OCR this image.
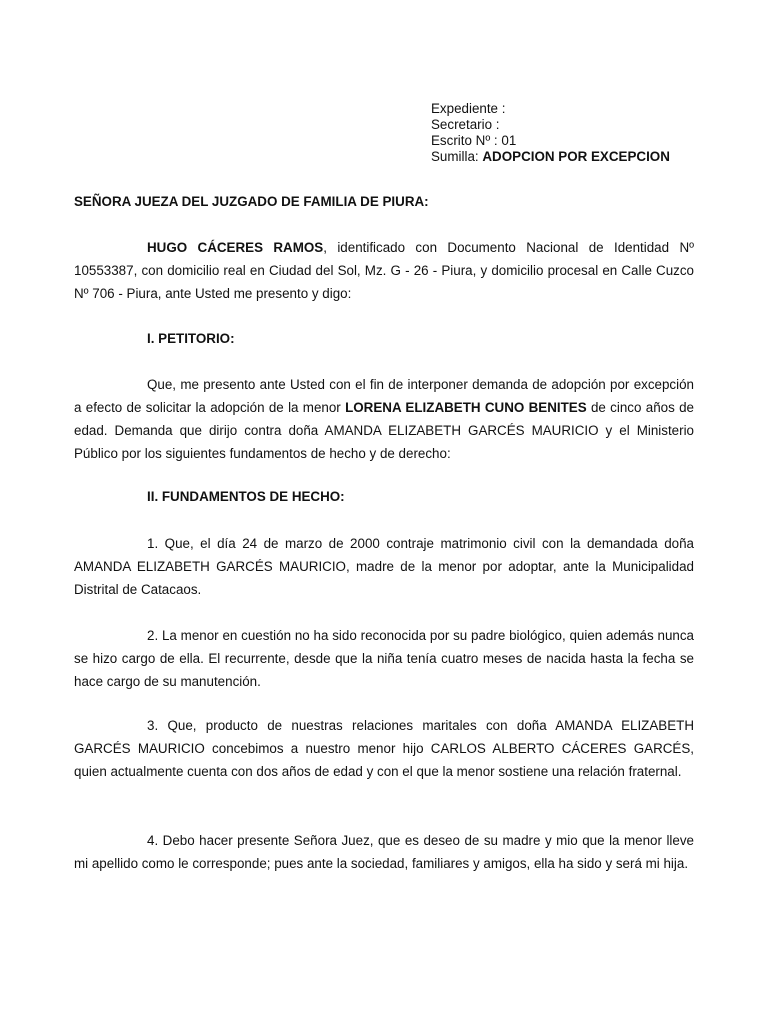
Expediente :
Secretario :
Escrito Nº : 01
Sumilla: ADOPCION POR EXCEPCION
SEÑORA JUEZA DEL JUZGADO DE FAMILIA DE PIURA:

HUGO CÁCERES RAMOS, identificado con Documento Nacional de Identidad Nº 10553387, con domicilio real en Ciudad del Sol, Mz. G - 26 - Piura, y domicilio procesal en Calle Cuzco Nº 706 - Piura, ante Usted me presento y digo:

I. PETITORIO:

Que, me presento ante Usted con el fin de interponer demanda de adopción por excepción a efecto de solicitar la adopción de la menor LORENA ELIZABETH CUNO BENITES de cinco años de edad. Demanda que dirijo contra doña AMANDA ELIZABETH GARCÉS MAURICIO y el Ministerio Público por los siguientes fundamentos de hecho y de derecho:

II. FUNDAMENTOS DE HECHO:

1. Que, el día 24 de marzo de 2000 contraje matrimonio civil con la demandada doña AMANDA ELIZABETH GARCÉS MAURICIO, madre de la menor por adoptar, ante la Municipalidad Distrital de Catacaos.

2. La menor en cuestión no ha sido reconocida por su padre biológico, quien además nunca se hizo cargo de ella. El recurrente, desde que la niña tenía cuatro meses de nacida hasta la fecha se hace cargo de su manutención.

3. Que, producto de nuestras relaciones maritales con doña AMANDA ELIZABETH GARCÉS MAURICIO concebimos a nuestro menor hijo CARLOS ALBERTO CÁCERES GARCÉS, quien actualmente cuenta con dos años de edad y con el que la menor sostiene una relación fraternal.

4. Debo hacer presente Señora Juez, que es deseo de su madre y mio que la menor lleve mi apellido como le corresponde; pues ante la sociedad, familiares y amigos, ella ha sido y será mi hija.
